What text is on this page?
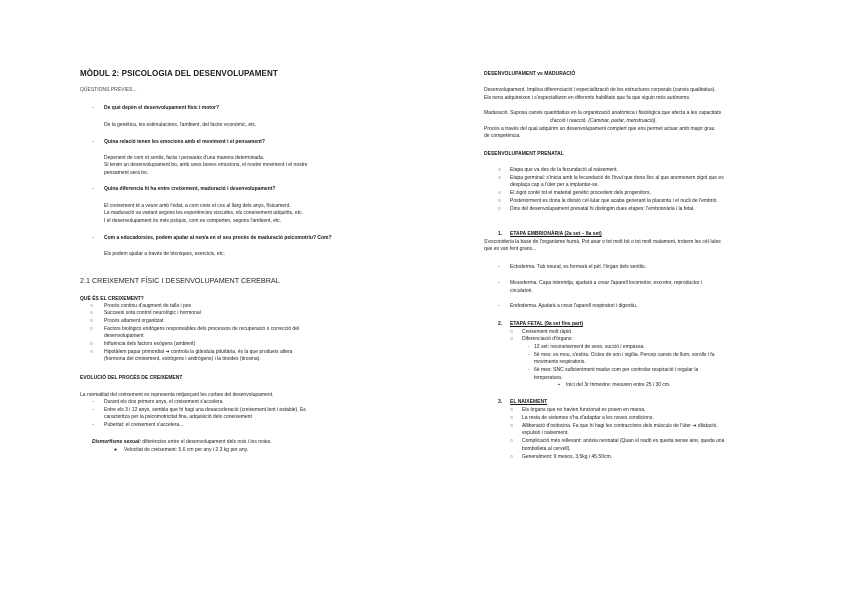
MÒDUL 2: PSICOLOGIA DEL DESENVOLUPAMENT
QÜESTIONS PRÈVIES...
- De què depèn el desenvolupament físic i motor?
De la genètica, les estimulacions, l'ambient, del factor econòmic, etc.
- Quina relació tenen les emocions amb el moviment i el pensament?
Depenent de com et sentis, faràs i pensaràs d'una manera determinada.
Si tenim un desenvolupament bo, amb unes bones emocions, el nostre moviment i el nostre
pensament serà bo.
- Quina diferencia hi ha entre creixement, maduració i desenvolupament?
El creixement té a veure amb l'edat, a com creix el cos al llarg dels anys, físicament.
La maduració va variant segons les experiències viscudes, els coneixement adquirits, etc.
I el desenvolupament és més psíquic, com es comporten, segons l'ambient, etc.
- Com a educadors/es, podem ajudar al nen/a en el seu procés de maduració psicomotriu? Com?
Els podem ajudar a través de tècniques, exercicis, etc.
2.1 CREIXEMENT FÍSIC I DESENVOLUPAMENT CEREBRAL
QUÈ ÉS EL CREIXEMENT?
○ Procés continu d'augment de talla i pes
○ Succeeix sota control neurològic i hormonal
○ Procés altament organitzat
○ Factors biològics endògens responsables dels processos de recuperació o correcció del
desenvolupament
○ Influència dels factors exògens (ambient)
○ Hipotàlem papar primordial ➔ controla la glàndula pituïtària, és la que produeix altera
(hormona del creixement, estrògens i andrògens) i la tiroides (tiroxina).
EVOLUCIÓ DEL PROCÉS DE CREIXEMENT
La normalitat del creixement es representa mitjançant les corbes del desenvolupament.
- Durant els dos primers anys, el creixement s'accelera
- Entre els 3 i 12 anys, sembla que hi hagi una desacceleració (creixement lent i estable). Es
caracteritza per la psicomotricitat fina, adquisició dels coneixement
- Pubertat: el creixement s'accelera...
Dismorfisme sexual: diferències entre el desenvolupament dels nois i les noies.
● Velocitat de creixement: 5.6 cm per any i 2.3 kg per any.
DESENVOLUPAMENT vs MADURACIÓ
Desenvolupament. Implica diferenciació i especialització de les estructures corporals (canvis qualitatius).
Els nens adquireixen i s'especialitzen en diferents habilitats que fa que siguin més autònoms.
Maduració. Suposa canvis quantitatius en la organització anatòmica i fisiològica que afecta a les capacitats
d'acció i reacció. (Caminar, parlar, menstruació).
Procés a través del qual adquirim un desenvolupament complert que ens permet actuar amb major grau
de competència.
DESENVOLUPAMENT PRENATAL
○ Etapa que va des de la fecundació al naixement.
○ Etapa germinal: s'inicia amb la fecundació de l'òvul que dona lloc al que anomenem zigot que es
desplaça cap a l'úter per a implantar-se.
○ El zigot conté tot el material genètic procedent dels progenitors.
○ Posteriorment es dona la divisió cel·lular que acaba generant la placenta i el nucli de l'embrió.
○ Dins del desenvolupament prenatal hi distingim dues etapes: l'embrionària i la fetal.
1. ETAPA EMBRIONÀRIA (2a set – 8a set)
S'esconideria la base de l'organisme humà. Pot anar o tot molt bé o tot molt malament, trobem les cèl·lules
que es van fent grans...
- Ectoderma. Tub neural, es formarà el pèl, l'òrgan dels sentits.
- Mesoderma. Capa intermitja, ajudarà a crear l'aparell locomotor, excretor, reproductor i
circulatori.
- Endoderma. Ajudarà a crear l'aparell respiratori i digestiu.
2. ETAPA FETAL (9a set fins part)
○ Creixement molt ràpid
○ Diferenciació d'òrgans:
· 12 set: reconeixement de sexe, succió i empassa.
· 5è mes: es mou, s'estira. Cicles de son i vigília. Percep canvis de llum, sorolls i fa
moviments respiratoris.
· 6è mes: SNC suficientment madur com per controlar respiració i regular la
temperatura.
▪ Inici del 3r trimestre: mesuren entre 25 i 30 cm.
3. EL NAIXEMENT
○ Els òrgans que no havien funcionat es posen en marxa.
○ La resta de sistemes s'ha d'adaptar a les noves condicions.
○ Alliberació d'oxitocina. Fa que hi hagi les contraccions dels músculs de l'úter ➔ dilatació,
expulsió i naixement.
○ Complicació més rellevant: anòxia neonatal (Quan el nadó es queda sense aire, queda una
bombolleta al cervell).
○ Generalment: 9 mesos, 3,5kg i 45.50cm.
